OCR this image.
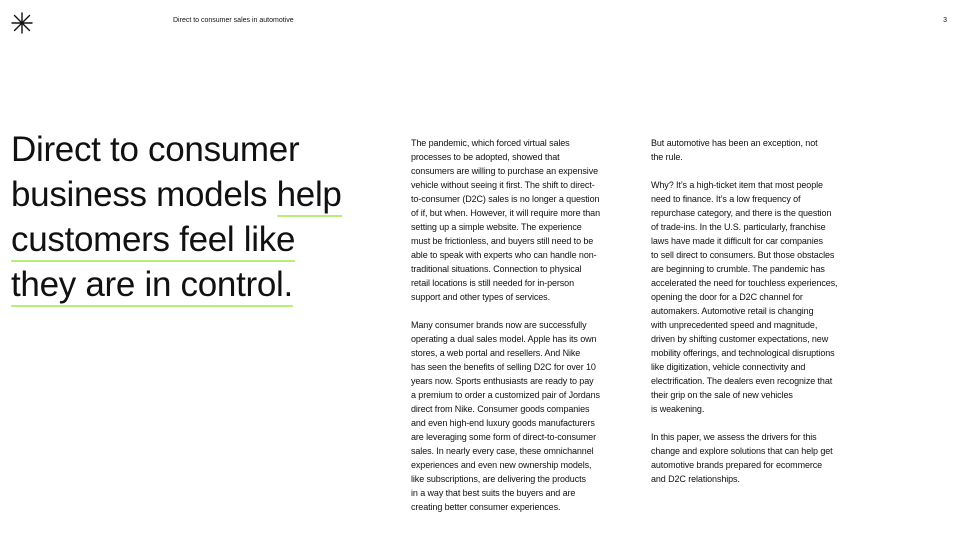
Direct to consumer sales in automotive	3
Direct to consumer
business models help
customers feel like
they are in control.

The pandemic, which forced virtual sales
processes to be adopted, showed that
consumers are willing to purchase an expensive
vehicle without seeing it first. The shift to direct-
to-consumer (D2C) sales is no longer a question
of if, but when. However, it will require more than
setting up a simple website. The experience
must be frictionless, and buyers still need to be
able to speak with experts who can handle non-
traditional situations. Connection to physical
retail locations is still needed for in-person
support and other types of services.

Many consumer brands now are successfully
operating a dual sales model. Apple has its own
stores, a web portal and resellers. And Nike
has seen the benefits of selling D2C for over 10
years now. Sports enthusiasts are ready to pay
a premium to order a customized pair of Jordans
direct from Nike. Consumer goods companies
and even high-end luxury goods manufacturers
are leveraging some form of direct-to-consumer
sales. In nearly every case, these omnichannel
experiences and even new ownership models,
like subscriptions, are delivering the products
in a way that best suits the buyers and are
creating better consumer experiences.

But automotive has been an exception, not
the rule.

Why? It’s a high-ticket item that most people
need to finance. It’s a low frequency of
repurchase category, and there is the question
of trade-ins. In the U.S. particularly, franchise
laws have made it difficult for car companies
to sell direct to consumers. But those obstacles
are beginning to crumble. The pandemic has
accelerated the need for touchless experiences,
opening the door for a D2C channel for
automakers. Automotive retail is changing
with unprecedented speed and magnitude,
driven by shifting customer expectations, new
mobility offerings, and technological disruptions
like digitization, vehicle connectivity and
electrification. The dealers even recognize that
their grip on the sale of new vehicles
is weakening.

In this paper, we assess the drivers for this
change and explore solutions that can help get
automotive brands prepared for ecommerce
and D2C relationships.
